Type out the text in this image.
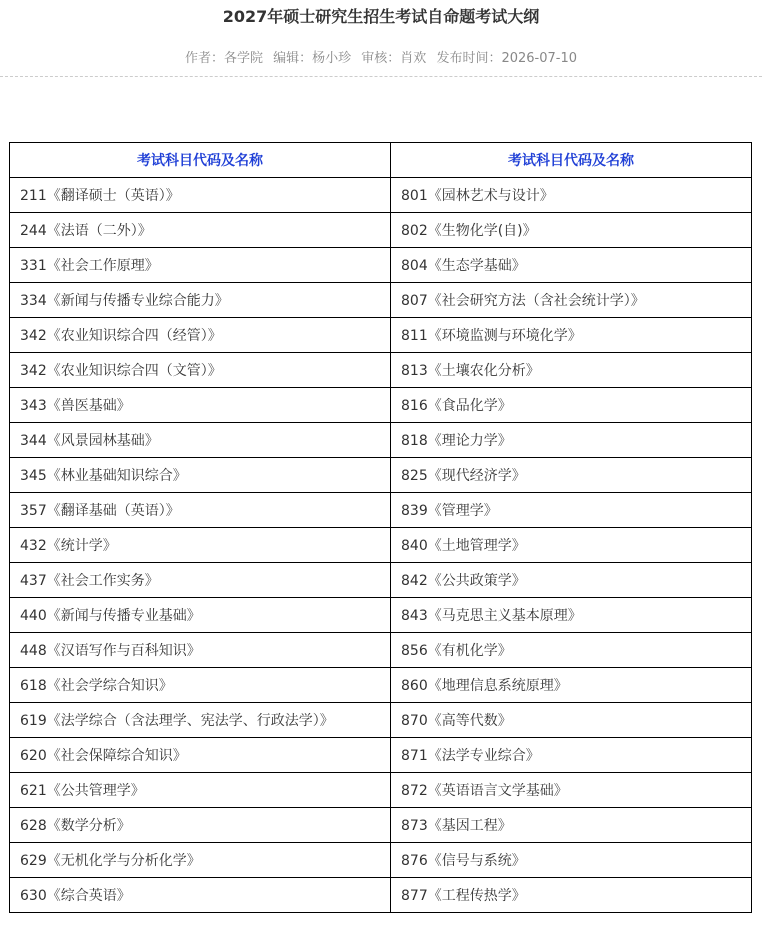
2027年硕士研究生招生考试自命题考试大纲
作者：各学院 编辑：杨小珍 审核：肖欢 发布时间：2026-07-10
考试科目代码及名称	考试科目代码及名称
211《翻译硕士（英语）》	801《园林艺术与设计》
244《法语（二外）》	802《生物化学(自)》
331《社会工作原理》	804《生态学基础》
334《新闻与传播专业综合能力》	807《社会研究方法（含社会统计学）》
342《农业知识综合四（经管）》	811《环境监测与环境化学》
342《农业知识综合四（文管）》	813《土壤农化分析》
343《兽医基础》	816《食品化学》
344《风景园林基础》	818《理论力学》
345《林业基础知识综合》	825《现代经济学》
357《翻译基础（英语）》	839《管理学》
432《统计学》	840《土地管理学》
437《社会工作实务》	842《公共政策学》
440《新闻与传播专业基础》	843《马克思主义基本原理》
448《汉语写作与百科知识》	856《有机化学》
618《社会学综合知识》	860《地理信息系统原理》
619《法学综合（含法理学、宪法学、行政法学）》	870《高等代数》
620《社会保障综合知识》	871《法学专业综合》
621《公共管理学》	872《英语语言文学基础》
628《数学分析》	873《基因工程》
629《无机化学与分析化学》	876《信号与系统》
630《综合英语》	877《工程传热学》
